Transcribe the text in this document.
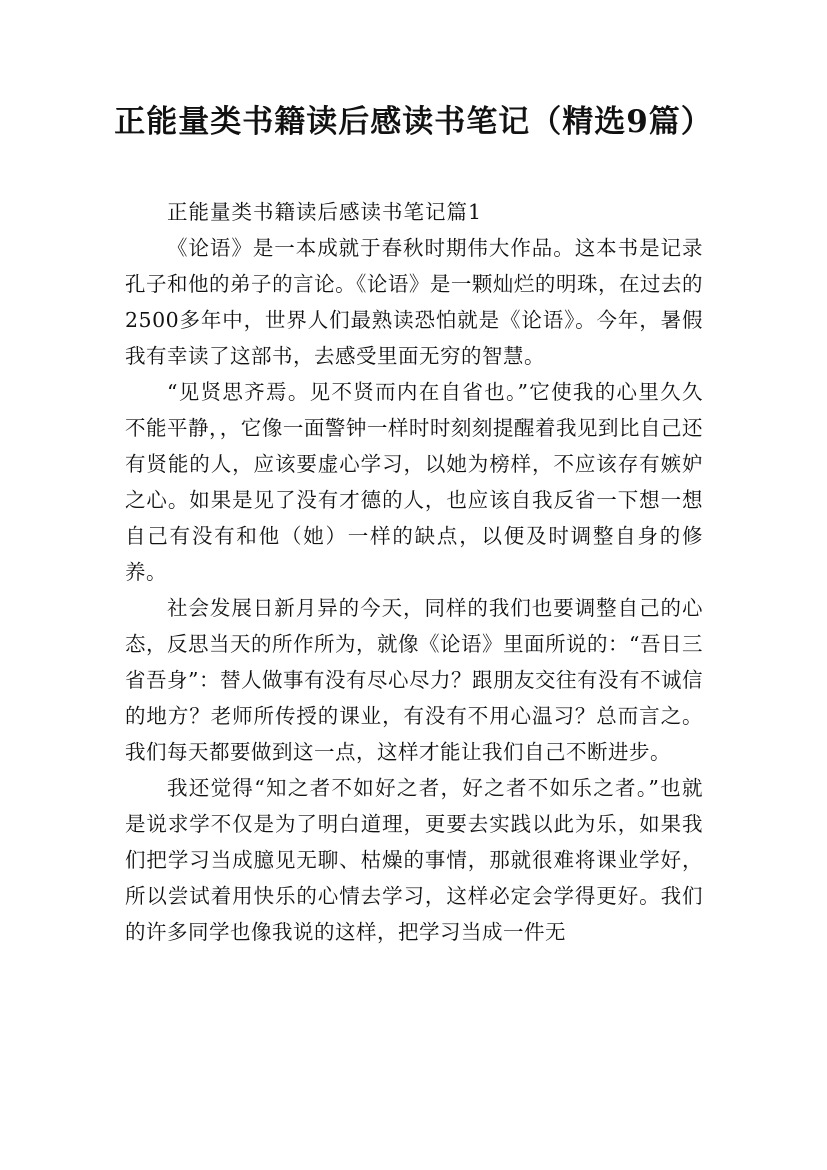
正能量类书籍读后感读书笔记（精选9篇）

正能量类书籍读后感读书笔记篇1

《论语》是一本成就于春秋时期伟大作品。这本书是记录孔子和他的弟子的言论。《论语》是一颗灿烂的明珠，在过去的2500多年中，世界人们最熟读恐怕就是《论语》。今年，暑假我有幸读了这部书，去感受里面无穷的智慧。

“见贤思齐焉。见不贤而内在自省也。”它使我的心里久久不能平静，，它像一面警钟一样时时刻刻提醒着我见到比自己还有贤能的人，应该要虚心学习，以她为榜样，不应该存有嫉妒之心。如果是见了没有才德的人，也应该自我反省一下想一想自己有没有和他（她）一样的缺点，以便及时调整自身的修养。

社会发展日新月异的今天，同样的我们也要调整自己的心态，反思当天的所作所为，就像《论语》里面所说的：“吾日三省吾身”：替人做事有没有尽心尽力？跟朋友交往有没有不诚信的地方？老师所传授的课业，有没有不用心温习？总而言之。我们每天都要做到这一点，这样才能让我们自己不断进步。

我还觉得“知之者不如好之者，好之者不如乐之者。”也就是说求学不仅是为了明白道理，更要去实践以此为乐，如果我们把学习当成臆见无聊、枯燥的事情，那就很难将课业学好，所以尝试着用快乐的心情去学习，这样必定会学得更好。我们的许多同学也像我说的这样，把学习当成一件无
